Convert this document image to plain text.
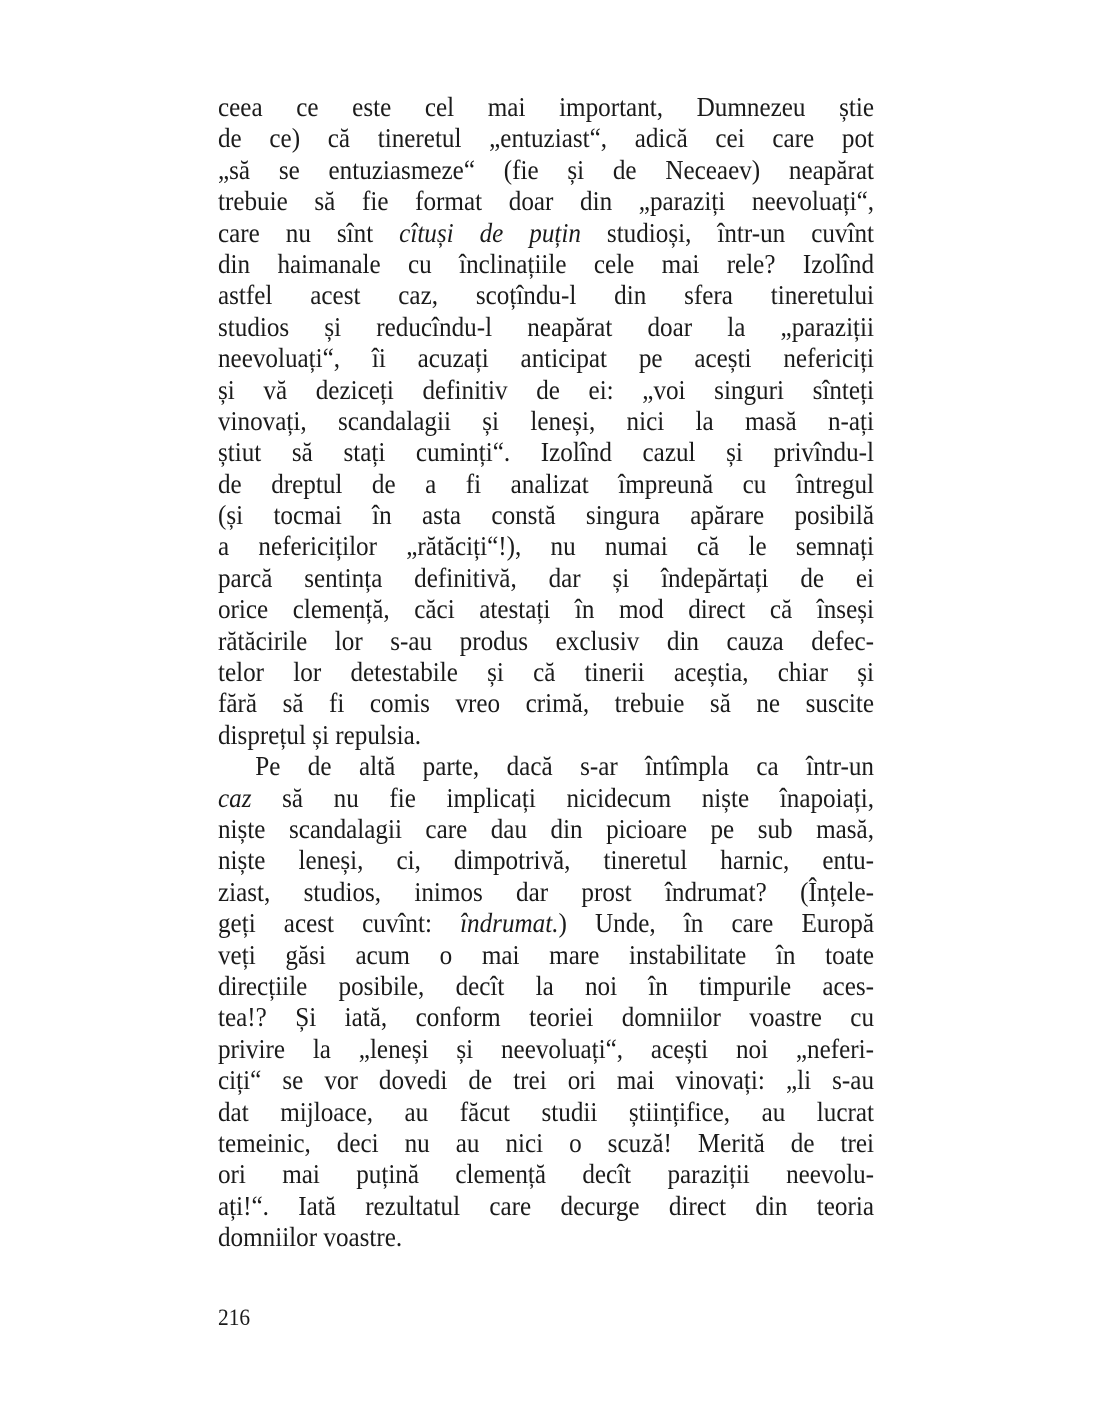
ceea ce este cel mai important, Dumnezeu știe
de ce) că tineretul „entuziast“, adică cei care pot
„să se entuziasmeze“ (fie și de Neceaev) neapărat
trebuie să fie format doar din „paraziți neevoluați“,
care nu sînt cîtuși de puțin studioși, într-un cuvînt
din haimanale cu înclinațiile cele mai rele? Izolînd
astfel acest caz, scoțîndu-l din sfera tineretului
studios și reducîndu-l neapărat doar la „paraziții
neevoluați“, îi acuzați anticipat pe acești nefericiți
și vă deziceți definitiv de ei: „voi singuri sînteți
vinovați, scandalagii și leneși, nici la masă n-ați
știut să stați cuminți“. Izolînd cazul și privîndu-l
de dreptul de a fi analizat împreună cu întregul
(și tocmai în asta constă singura apărare posibilă
a nefericiților „rătăciți“!), nu numai că le semnați
parcă sentința definitivă, dar și îndepărtați de ei
orice clemență, căci atestați în mod direct că înseși
rătăcirile lor s-au produs exclusiv din cauza defec-
telor lor detestabile și că tinerii aceștia, chiar și
fără să fi comis vreo crimă, trebuie să ne suscite
disprețul și repulsia.
Pe de altă parte, dacă s-ar întîmpla ca într-un
caz să nu fie implicați nicidecum niște înapoiați,
niște scandalagii care dau din picioare pe sub masă,
niște leneși, ci, dimpotrivă, tineretul harnic, entu-
ziast, studios, inimos dar prost îndrumat? (Înțele-
geți acest cuvînt: îndrumat.) Unde, în care Europă
veți găsi acum o mai mare instabilitate în toate
direcțiile posibile, decît la noi în timpurile aces-
tea!? Și iată, conform teoriei domniilor voastre cu
privire la „leneși și neevoluați“, acești noi „neferi-
ciți“ se vor dovedi de trei ori mai vinovați: „li s-au
dat mijloace, au făcut studii științifice, au lucrat
temeinic, deci nu au nici o scuză! Merită de trei
ori mai puțină clemență decît paraziții neevolu-
ați!“. Iată rezultatul care decurge direct din teoria
domniilor voastre.
216
